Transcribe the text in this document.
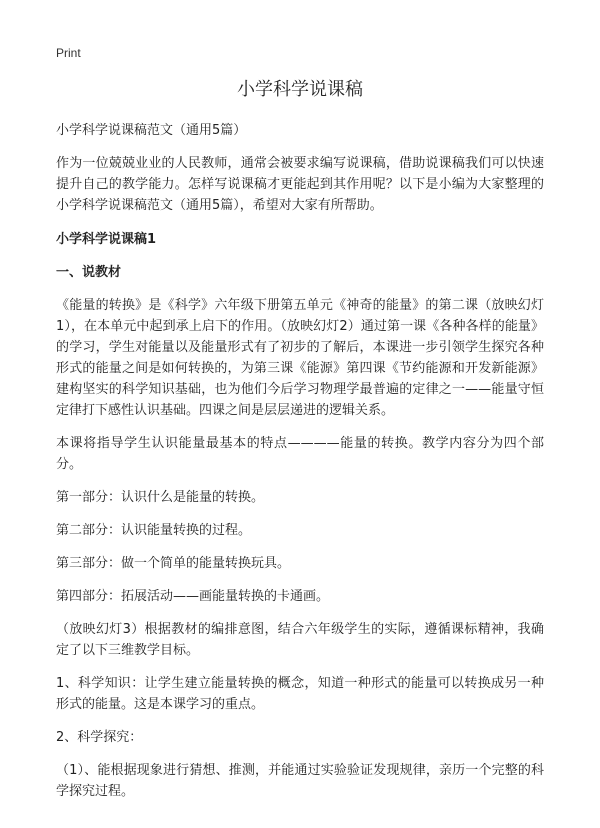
Print
小学科学说课稿

小学科学说课稿范文（通用5篇）

作为一位兢兢业业的人民教师，通常会被要求编写说课稿，借助说课稿我们可以快速提升自己的教学能力。怎样写说课稿才更能起到其作用呢？以下是小编为大家整理的小学科学说课稿范文（通用5篇），希望对大家有所帮助。

小学科学说课稿1

一、说教材

《能量的转换》是《科学》六年级下册第五单元《神奇的能量》的第二课（放映幻灯1），在本单元中起到承上启下的作用。（放映幻灯2）通过第一课《各种各样的能量》的学习，学生对能量以及能量形式有了初步的了解后，本课进一步引领学生探究各种形式的能量之间是如何转换的，为第三课《能源》第四课《节约能源和开发新能源》建构坚实的科学知识基础，也为他们今后学习物理学最普遍的定律之一——能量守恒定律打下感性认识基础。四课之间是层层递进的逻辑关系。

本课将指导学生认识能量最基本的特点————能量的转换。教学内容分为四个部分。

第一部分：认识什么是能量的转换。

第二部分：认识能量转换的过程。

第三部分：做一个简单的能量转换玩具。

第四部分：拓展活动——画能量转换的卡通画。

（放映幻灯3）根据教材的编排意图，结合六年级学生的实际，遵循课标精神，我确定了以下三维教学目标。

1、科学知识：让学生建立能量转换的概念，知道一种形式的能量可以转换成另一种形式的能量。这是本课学习的重点。

2、科学探究：

（1）、能根据现象进行猜想、推测，并能通过实验验证发现规律，亲历一个完整的科学探究过程。
